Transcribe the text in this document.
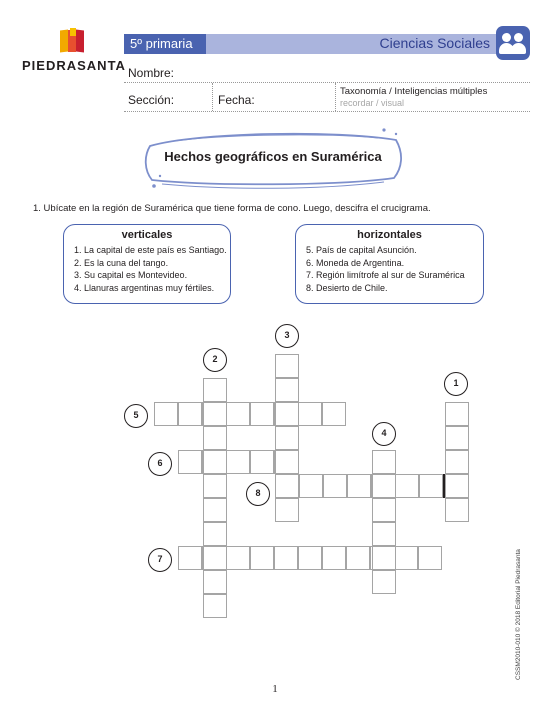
PIEDRASANTA
5º primaria	Ciencias Sociales
Nombre:
Sección:	Fecha:
Taxonomía / Inteligencias múltiples
recordar / visual
Hechos geográficos en Suramérica
1. Ubícate en la región de Suramérica que tiene forma de cono. Luego, descifra el crucigrama.
verticales
1. La capital de este país es Santiago.
2. Es la cuna del tango.
3. Su capital es Montevideo.
4. Llanuras argentinas muy fértiles.
horizontales
5. País de capital Asunción.
6. Moneda de Argentina.
7. Región limítrofe al sur de Suramérica
8. Desierto de Chile.
1
2
3
4
5
6
7
8
CSSM2010-010 © 2018 Editorial Piedrasanta
1
